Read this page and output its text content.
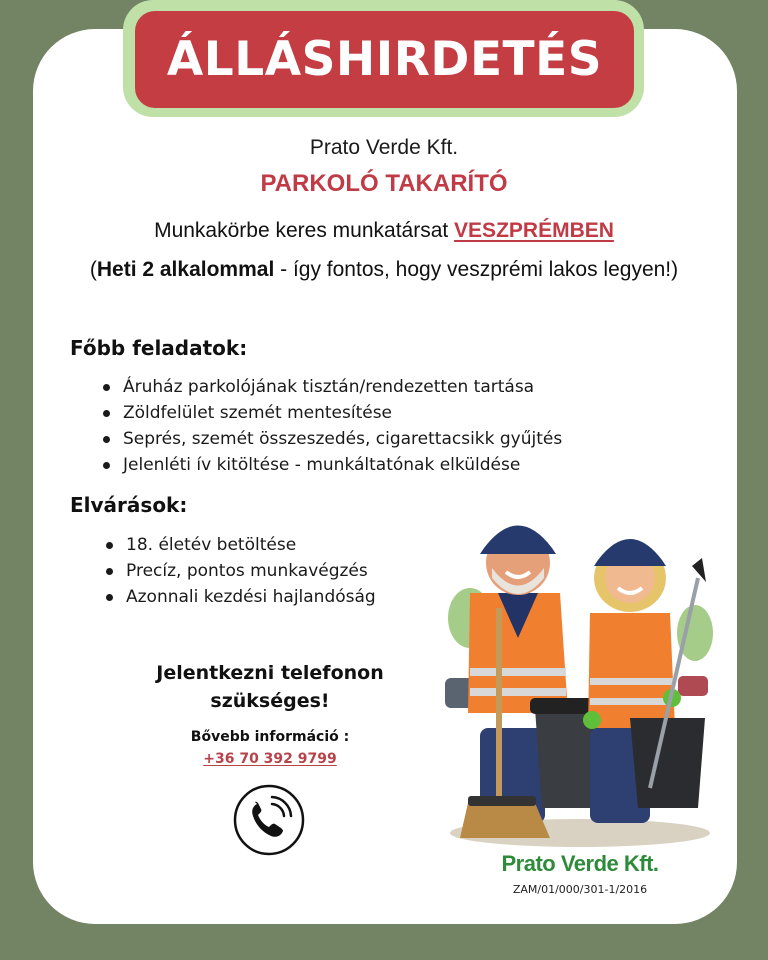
ÁLLÁSHIRDETÉS
Prato Verde Kft.
PARKOLÓ TAKARÍTÓ
Munkakörbe keres munkatársat VESZPRÉMBEN
(Heti 2 alkalommal - így fontos, hogy veszprémi lakos legyen!)
Főbb feladatok:
Áruház parkolójának tisztán/rendezetten tartása
Zöldfelület szemét mentesítése
Seprés, szemét összeszedés, cigarettacsikk gyűjtés
Jelenléti ív kitöltése - munkáltatónak elküldése
Elvárások:
18. életév betöltése
Precíz, pontos munkavégzés
Azonnali kezdési hajlandóság
Jelentkezni telefonon
szükséges!
Bővebb információ :
+36 70 392 9799
Prato Verde Kft.
ZAM/01/000/301-1/2016
